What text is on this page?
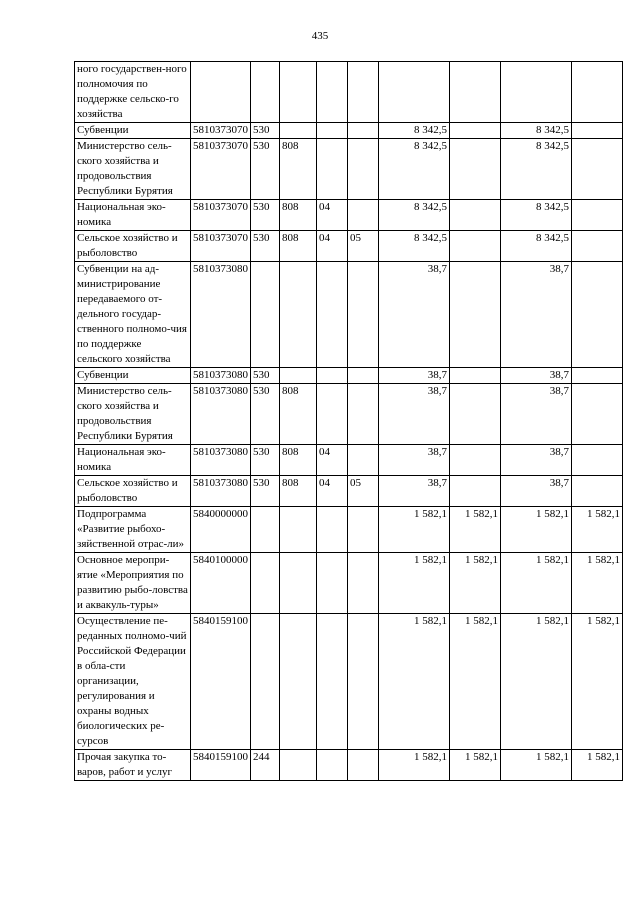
435
ного государствен-ного полномочия по поддержке сельско-го хозяйства									
Субвенции	5810373070	530				8 342,5		8 342,5	
Министерство сель-ского хозяйства и продовольствия Республики Бурятия	5810373070	530	808			8 342,5		8 342,5	
Национальная эко-номика	5810373070	530	808	04		8 342,5		8 342,5	
Сельское хозяйство и рыболовство	5810373070	530	808	04	05	8 342,5		8 342,5	
Субвенции на ад-министрирование передаваемого от-дельного государ-ственного полномо-чия по поддержке сельского хозяйства	5810373080					38,7		38,7	
Субвенции	5810373080	530				38,7		38,7	
Министерство сель-ского хозяйства и продовольствия Республики Бурятия	5810373080	530	808			38,7		38,7	
Национальная эко-номика	5810373080	530	808	04		38,7		38,7	
Сельское хозяйство и рыболовство	5810373080	530	808	04	05	38,7		38,7	
Подпрограмма «Развитие рыбохо-зяйственной отрас-ли»	5840000000					1 582,1	1 582,1	1 582,1	1 582,1
Основное меропри-ятие «Мероприятия по развитию рыбо-ловства и аквакуль-туры»	5840100000					1 582,1	1 582,1	1 582,1	1 582,1
Осуществление пе-реданных полномо-чий Российской Федерации в обла-сти организации, регулирования и охраны водных биологических ре-сурсов	5840159100					1 582,1	1 582,1	1 582,1	1 582,1
Прочая закупка то-варов, работ и услуг	5840159100	244				1 582,1	1 582,1	1 582,1	1 582,1
